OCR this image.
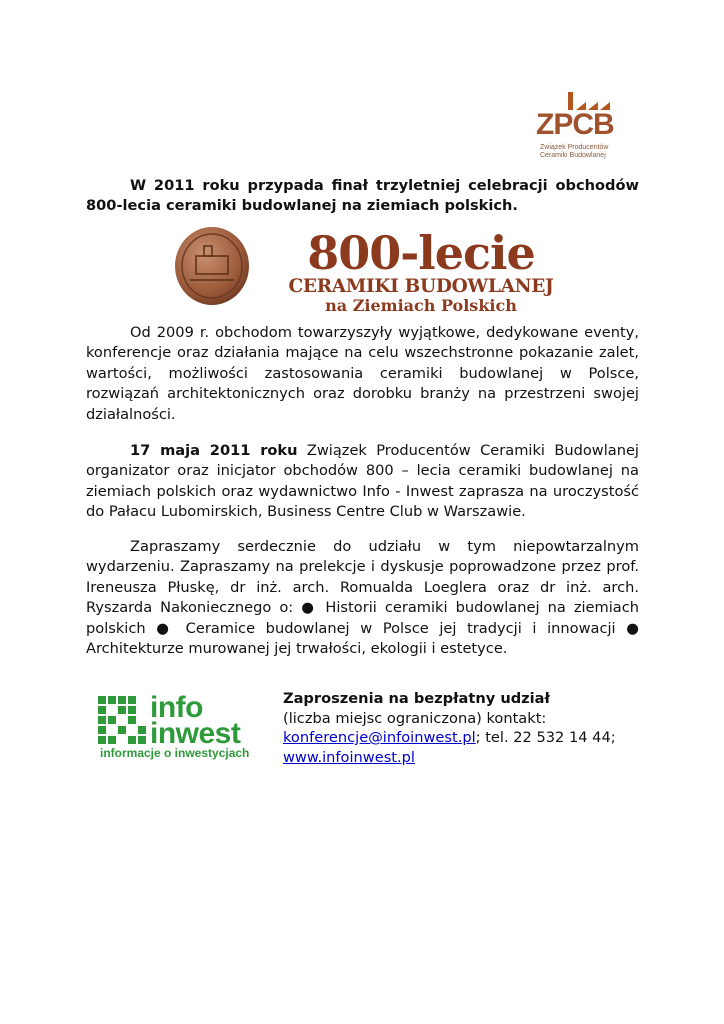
ZPCB
Związek Producentów
Ceramiki Budowlanej
W 2011 roku przypada finał trzyletniej celebracji obchodów
800-lecia ceramiki budowlanej na ziemiach polskich.
800-lecie
CERAMIKI BUDOWLANEJ
na Ziemiach Polskich
Od 2009 r. obchodom towarzyszyły wyjątkowe, dedykowane eventy, konferencje oraz działania mające na celu wszechstronne pokazanie zalet, wartości, możliwości zastosowania ceramiki budowlanej w Polsce, rozwiązań architektonicznych oraz dorobku branży na przestrzeni swojej działalności.
17 maja 2011 roku Związek Producentów Ceramiki Budowlanej organizator oraz inicjator obchodów 800 – lecia ceramiki budowlanej na ziemiach polskich oraz wydawnictwo Info - Inwest zaprasza na uroczystość do Pałacu Lubomirskich, Business Centre Club w Warszawie.
Zapraszamy serdecznie do udziału w tym niepowtarzalnym wydarzeniu. Zapraszamy na prelekcje i dyskusje poprowadzone przez prof. Ireneusza Płuskę, dr inż. arch. Romualda Loeglera oraz dr inż. arch. Ryszarda Nakoniecznego o: ● Historii ceramiki budowlanej na ziemiach polskich ● Ceramice budowlanej w Polsce jej tradycji i innowacji ● Architekturze murowanej jej trwałości, ekologii i estetyce.
info
inwest
informacje o inwestycjach
Zaproszenia na bezpłatny udział
(liczba miejsc ograniczona) kontakt:
konferencje@infoinwest.pl; tel. 22 532 14 44;
www.infoinwest.pl
